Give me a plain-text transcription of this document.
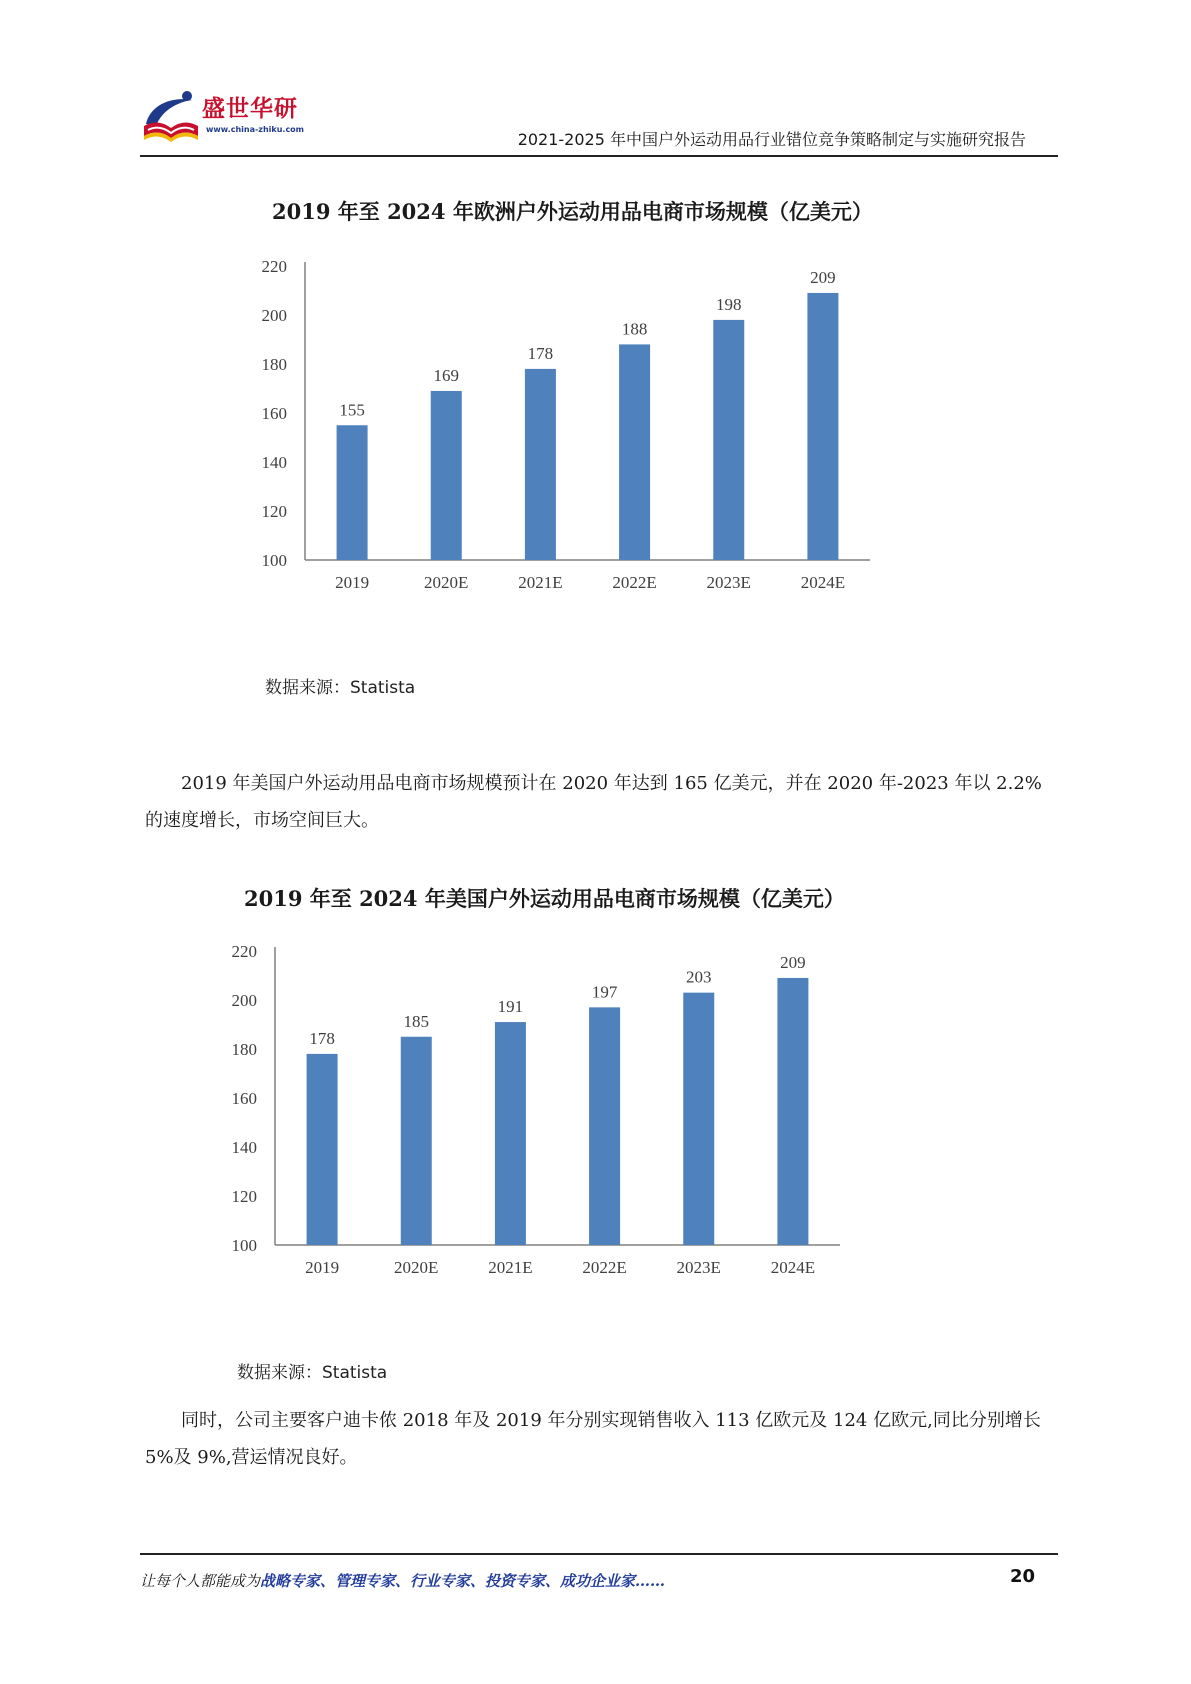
盛世华研
www.china-zhiku.com
2021-2025 年中国户外运动用品行业错位竞争策略制定与实施研究报告
2019 年至 2024 年欧洲户外运动用品电商市场规模（亿美元）
220
200
180
160
140
120
100
155
2019
169
2020E
178
2021E
188
2022E
198
2023E
209
2024E
数据来源：Statista
2019 年美国户外运动用品电商市场规模预计在 2020 年达到 165 亿美元，并在 2020 年-2023 年以 2.2%的速度增长，市场空间巨大。
2019 年至 2024 年美国户外运动用品电商市场规模（亿美元）
220
200
180
160
140
120
100
178
2019
185
2020E
191
2021E
197
2022E
203
2023E
209
2024E
数据来源：Statista
同时，公司主要客户迪卡侬 2018 年及 2019 年分别实现销售收入 113 亿欧元及 124 亿欧元,同比分别增长 5%及 9%,营运情况良好。
让每个人都能成为战略专家、管理专家、行业专家、投资专家、成功企业家……	20
